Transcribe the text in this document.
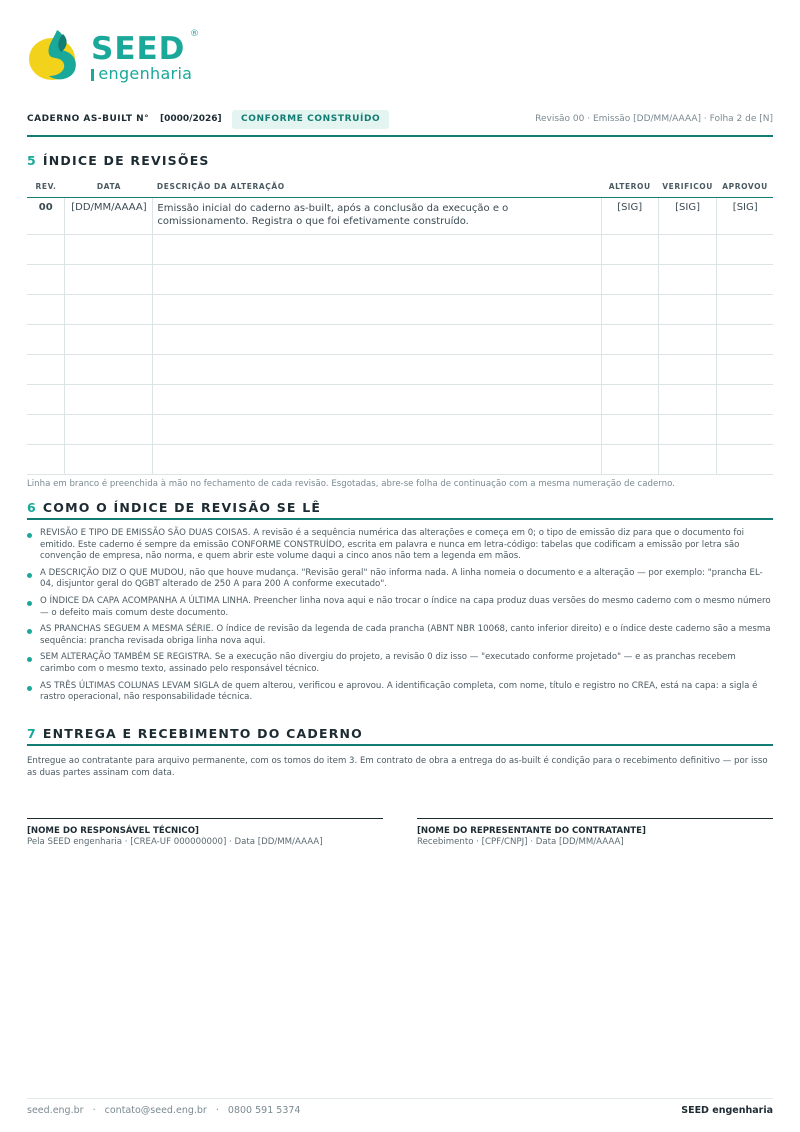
SEED ®
engenharia
CADERNO AS-BUILT N° [0000/2026]	CONFORME CONSTRUÍDO	Revisão 00 · Emissão [DD/MM/AAAA] · Folha 2 de [N]
5 ÍNDICE DE REVISÕES
REV.	DATA	DESCRIÇÃO DA ALTERAÇÃO	ALTEROU	VERIFICOU	APROVOU
00	[DD/MM/AAAA]	Emissão inicial do caderno as-built, após a conclusão da execução e o comissionamento. Registra o que foi efetivamente construído.	[SIG]	[SIG]	[SIG]

Linha em branco é preenchida à mão no fechamento de cada revisão. Esgotadas, abre-se folha de continuação com a mesma numeração de caderno.
6 COMO O ÍNDICE DE REVISÃO SE LÊ
REVISÃO E TIPO DE EMISSÃO SÃO DUAS COISAS. A revisão é a sequência numérica das alterações e começa em 0; o tipo de emissão diz para que o documento foi emitido. Este caderno é sempre da emissão CONFORME CONSTRUÍDO, escrita em palavra e nunca em letra-código: tabelas que codificam a emissão por letra são convenção de empresa, não norma, e quem abrir este volume daqui a cinco anos não tem a legenda em mãos.
A DESCRIÇÃO DIZ O QUE MUDOU, não que houve mudança. "Revisão geral" não informa nada. A linha nomeia o documento e a alteração — por exemplo: "prancha EL-04, disjuntor geral do QGBT alterado de 250 A para 200 A conforme executado".
O ÍNDICE DA CAPA ACOMPANHA A ÚLTIMA LINHA. Preencher linha nova aqui e não trocar o índice na capa produz duas versões do mesmo caderno com o mesmo número — o defeito mais comum deste documento.
AS PRANCHAS SEGUEM A MESMA SÉRIE. O índice de revisão da legenda de cada prancha (ABNT NBR 10068, canto inferior direito) e o índice deste caderno são a mesma sequência: prancha revisada obriga linha nova aqui.
SEM ALTERAÇÃO TAMBÉM SE REGISTRA. Se a execução não divergiu do projeto, a revisão 0 diz isso — "executado conforme projetado" — e as pranchas recebem carimbo com o mesmo texto, assinado pelo responsável técnico.
AS TRÊS ÚLTIMAS COLUNAS LEVAM SIGLA de quem alterou, verificou e aprovou. A identificação completa, com nome, título e registro no CREA, está na capa: a sigla é rastro operacional, não responsabilidade técnica.
7 ENTREGA E RECEBIMENTO DO CADERNO
Entregue ao contratante para arquivo permanente, com os tomos do item 3. Em contrato de obra a entrega do as-built é condição para o recebimento definitivo — por isso as duas partes assinam com data.
[NOME DO RESPONSÁVEL TÉCNICO]
Pela SEED engenharia · [CREA-UF 000000000] · Data [DD/MM/AAAA]
[NOME DO REPRESENTANTE DO CONTRATANTE]
Recebimento · [CPF/CNPJ] · Data [DD/MM/AAAA]
seed.eng.br · contato@seed.eng.br · 0800 591 5374	SEED engenharia
